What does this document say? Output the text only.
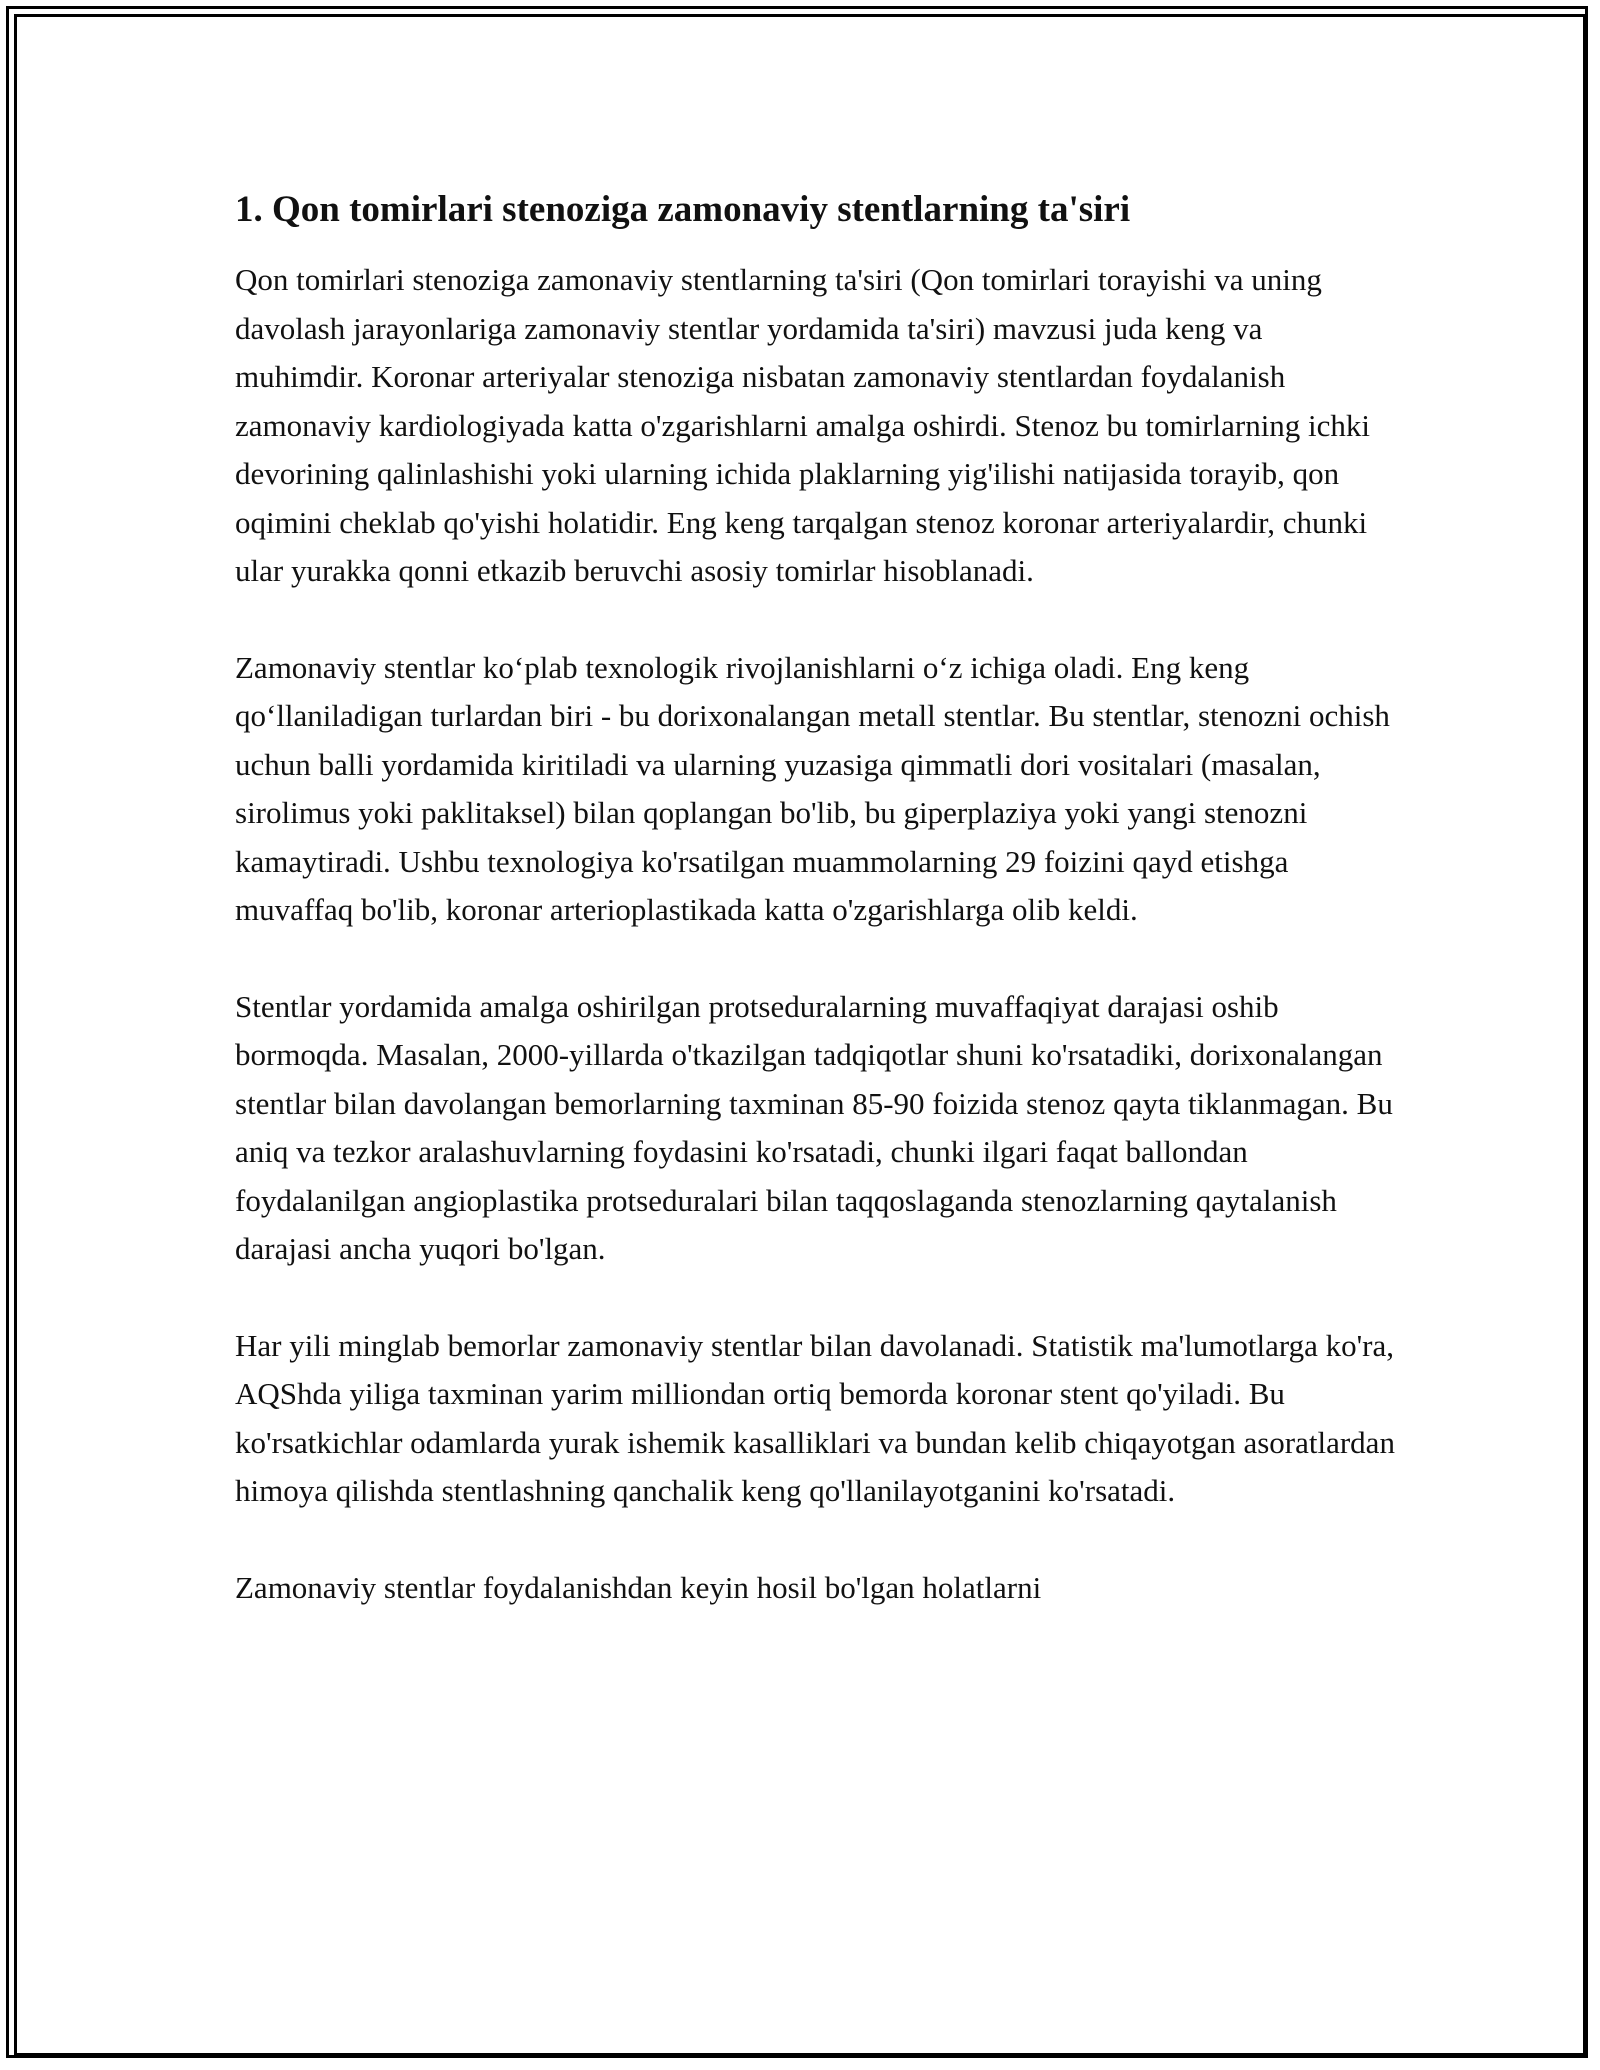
1. Qon tomirlari stenoziga zamonaviy stentlarning ta'siri

Qon tomirlari stenoziga zamonaviy stentlarning ta'siri (Qon tomirlari torayishi va uning davolash jarayonlariga zamonaviy stentlar yordamida ta'siri) mavzusi juda keng va muhimdir. Koronar arteriyalar stenoziga nisbatan zamonaviy stentlardan foydalanish zamonaviy kardiologiyada katta o'zgarishlarni amalga oshirdi. Stenoz bu tomirlarning ichki devorining qalinlashishi yoki ularning ichida plaklarning yig'ilishi natijasida torayib, qon oqimini cheklab qo'yishi holatidir. Eng keng tarqalgan stenoz koronar arteriyalardir, chunki ular yurakka qonni etkazib beruvchi asosiy tomirlar hisoblanadi.

Zamonaviy stentlar ko‘plab texnologik rivojlanishlarni o‘z ichiga oladi. Eng keng qo‘llaniladigan turlardan biri - bu dorixonalangan metall stentlar. Bu stentlar, stenozni ochish uchun balli yordamida kiritiladi va ularning yuzasiga qimmatli dori vositalari (masalan, sirolimus yoki paklitaksel) bilan qoplangan bo'lib, bu giperplaziya yoki yangi stenozni kamaytiradi. Ushbu texnologiya ko'rsatilgan muammolarning 29 foizini qayd etishga muvaffaq bo'lib, koronar arterioplastikada katta o'zgarishlarga olib keldi.

Stentlar yordamida amalga oshirilgan protseduralarning muvaffaqiyat darajasi oshib bormoqda. Masalan, 2000-yillarda o'tkazilgan tadqiqotlar shuni ko'rsatadiki, dorixonalangan stentlar bilan davolangan bemorlarning taxminan 85-90 foizida stenoz qayta tiklanmagan. Bu aniq va tezkor aralashuvlarning foydasini ko'rsatadi, chunki ilgari faqat ballondan foydalanilgan angioplastika protseduralari bilan taqqoslaganda stenozlarning qaytalanish darajasi ancha yuqori bo'lgan.

Har yili minglab bemorlar zamonaviy stentlar bilan davolanadi. Statistik ma'lumotlarga ko'ra, AQShda yiliga taxminan yarim milliondan ortiq bemorda koronar stent qo'yiladi. Bu ko'rsatkichlar odamlarda yurak ishemik kasalliklari va bundan kelib chiqayotgan asoratlardan himoya qilishda stentlashning qanchalik keng qo'llanilayotganini ko'rsatadi.

Zamonaviy stentlar foydalanishdan keyin hosil bo'lgan holatlarni
